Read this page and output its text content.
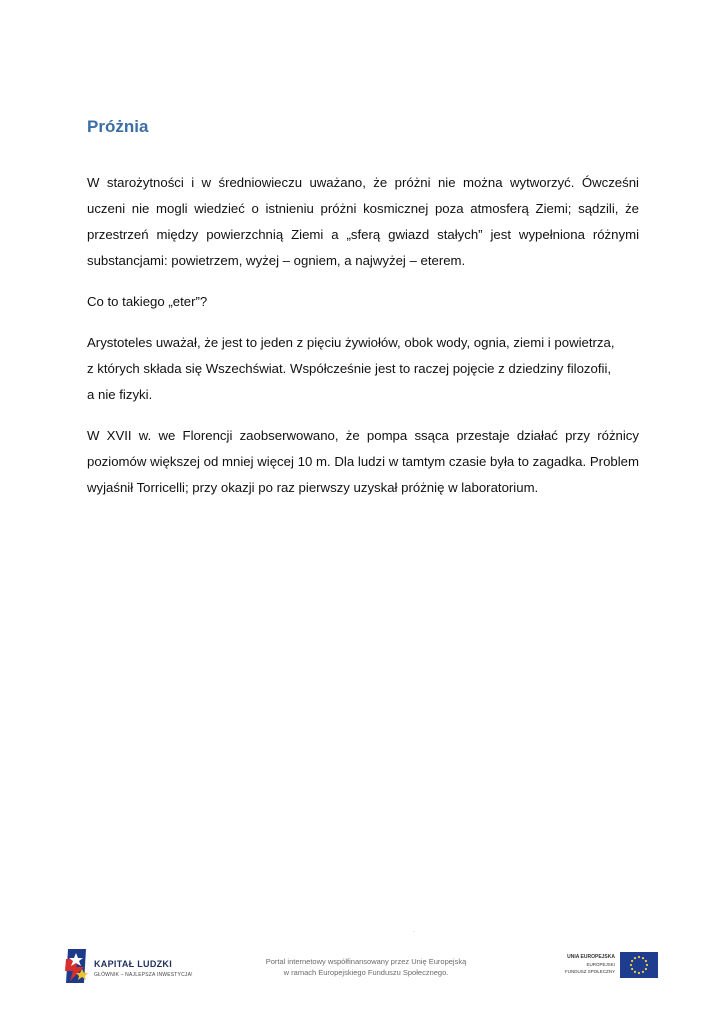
Próżnia

W starożytności i w średniowieczu uważano, że próżni nie można wytworzyć. Ówcześni uczeni nie mogli wiedzieć o istnieniu próżni kosmicznej poza atmosferą Ziemi; sądzili, że przestrzeń między powierzchnią Ziemi a „sferą gwiazd stałych” jest wypełniona różnymi substancjami: powietrzem, wyżej – ogniem, a najwyżej – eterem.

Co to takiego „eter”?

Arystoteles uważał, że jest to jeden z pięciu żywiołów, obok wody, ognia, ziemi i powietrza,
z których składa się Wszechświat. Współcześnie jest to raczej pojęcie z dziedziny filozofii,
a nie fizyki.

W XVII w. we Florencji zaobserwowano, że pompa ssąca przestaje działać przy różnicy poziomów większej od mniej więcej 10 m. Dla ludzi w tamtym czasie była to zagadka. Problem wyjaśnił Torricelli; przy okazji po raz pierwszy uzyskał próżnię w laboratorium.

.
KAPITAŁ LUDZKI
GŁÓWNIK – NAJLEPSZA INWESTYCJA!
Portal internetowy współfinansowany przez Unię Europejską
w ramach Europejskiego Funduszu Społecznego.
UNIA EUROPEJSKA
EUROPEJSKI
FUNDUSZ SPOŁECZNY
